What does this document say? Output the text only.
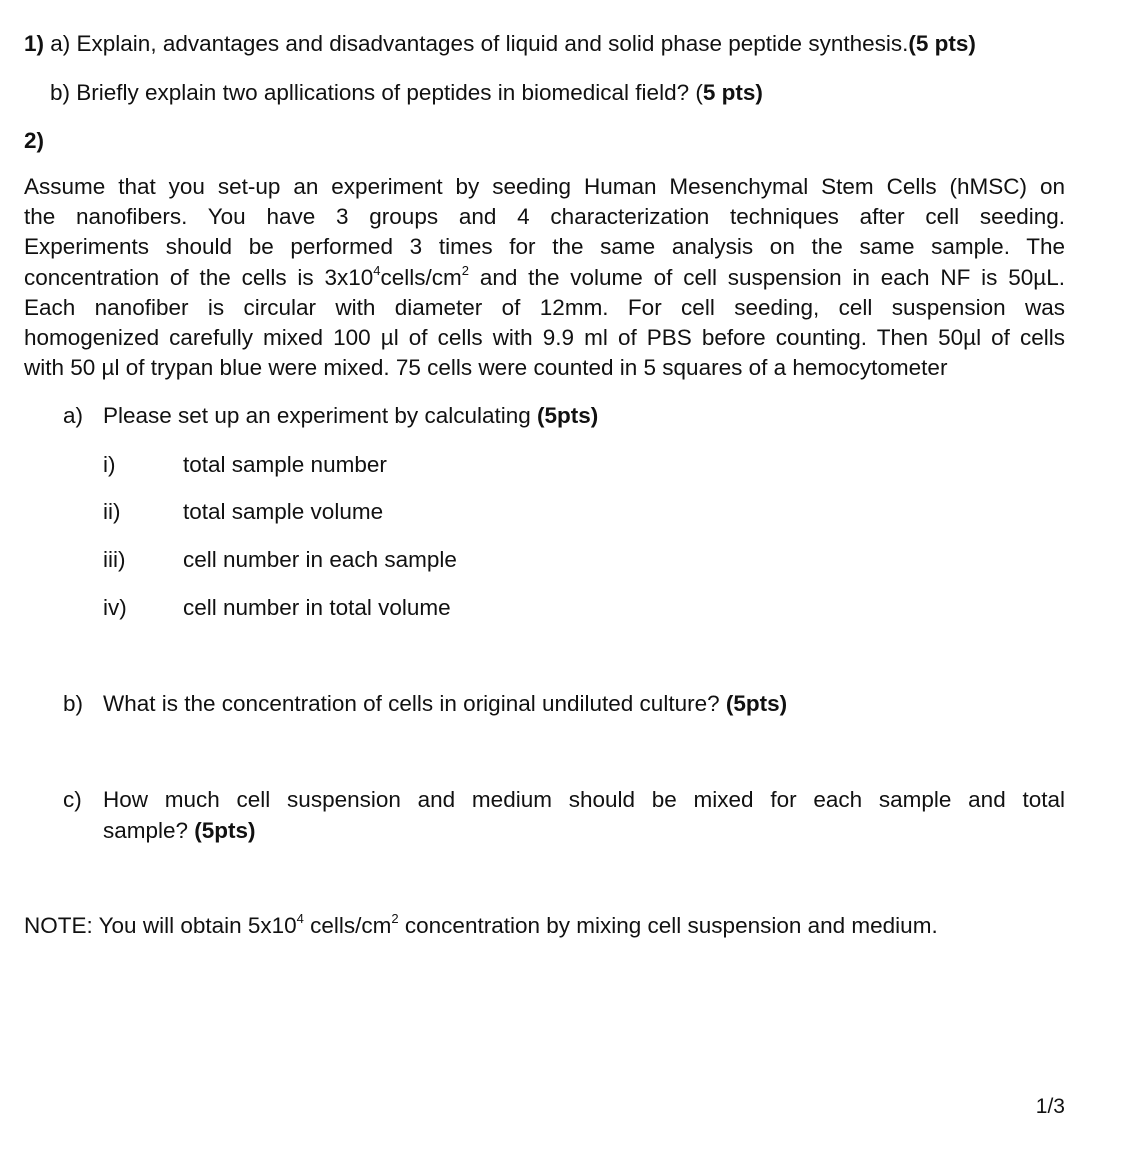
1) a) Explain, advantages and disadvantages of liquid and solid phase peptide synthesis.(5 pts)
b) Briefly explain two apllications of peptides in biomedical field? (5 pts)
2)
Assume that you set-up an experiment by seeding Human Mesenchymal Stem Cells (hMSC) on
the nanofibers. You have 3 groups and 4 characterization techniques after cell seeding.
Experiments should be performed 3 times for the same analysis on the same sample. The
concentration of the cells is $3x10^4cells/cm^2$ and the volume of cell suspension in each NF is 50µL.
Each nanofiber is circular with diameter of 12mm. For cell seeding, cell suspension was
homogenized carefully mixed 100 µl of cells with 9.9 ml of PBS before counting. Then 50µl of cells
with 50 µl of trypan blue were mixed. 75 cells were counted in 5 squares of a hemocytometer
a) Please set up an experiment by calculating (5pts)
i)	total sample number
ii)	total sample volume
iii)	cell number in each sample
iv)	cell number in total volume
b) What is the concentration of cells in original undiluted culture? (5pts)
c) How much cell suspension and medium should be mixed for each sample and total
sample? (5pts)
NOTE: You will obtain $5x10^4$ cells/$cm^2$ concentration by mixing cell suspension and medium.
1/3
